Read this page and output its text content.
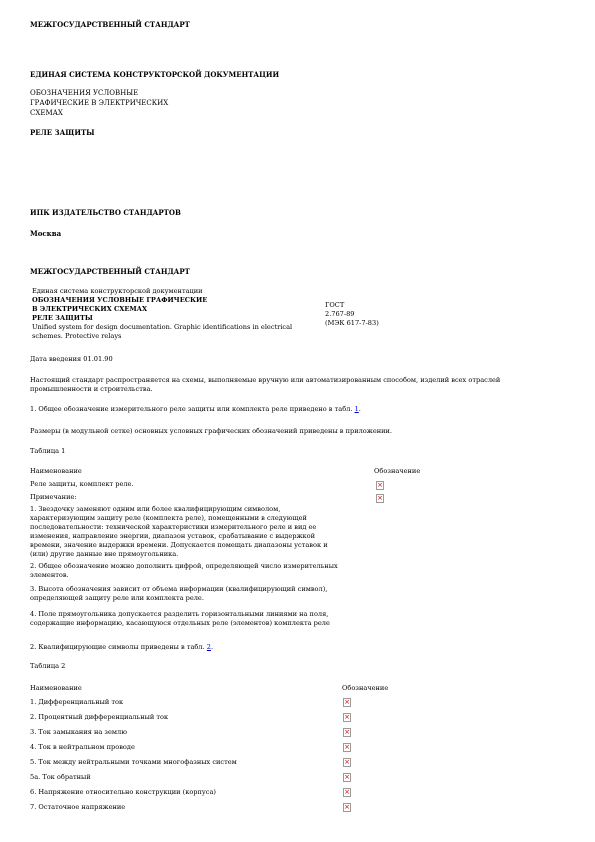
МЕЖГОСУДАРСТВЕННЫЙ СТАНДАРТ
ЕДИНАЯ СИСТЕМА КОНСТРУКТОРСКОЙ ДОКУМЕНТАЦИИ
ОБОЗНАЧЕНИЯ УСЛОВНЫЕ
ГРАФИЧЕСКИЕ В ЭЛЕКТРИЧЕСКИХ
СХЕМАХ
РЕЛЕ ЗАЩИТЫ
ИПК ИЗДАТЕЛЬСТВО СТАНДАРТОВ
Москва
МЕЖГОСУДАРСТВЕННЫЙ СТАНДАРТ
Единая система конструкторской документации
ОБОЗНАЧЕНИЯ УСЛОВНЫЕ ГРАФИЧЕСКИЕ
В ЭЛЕКТРИЧЕСКИХ СХЕМАХ
РЕЛЕ ЗАЩИТЫ
Unified system for design documentation. Graphic identifications in electrical
schemes. Protective relays
ГОСТ
2.767-89
(МЭК 617-7-83)
Дата введения 01.01.90
Настоящий стандарт распространяется на схемы, выполняемые вручную или автоматизированным способом, изделий всех отраслей
промышленности и строительства.
1. Общее обозначение измерительного реле защиты или комплекта реле приведено в табл. 1.
Размеры (в модульной сетке) основных условных графических обозначений приведены в приложении.
Таблица 1
Наименование	Обозначение
Реле защиты, комплект реле.	×
Примечание:	×
1. Звездочку заменяют одним или более квалифицирующим символом,
характеризующим защиту реле (комплекта реле), помещенными в следующей
последовательности: технической характеристики измерительного реле и вид ее
изменения, направление энергии, диапазон уставок, срабатывание с выдержкой
времени, значение выдержки времени. Допускается помещать диапазоны уставок и
(или) другие данные вне прямоугольника.
2. Общее обозначение можно дополнить цифрой, определяющей число измерительных
элементов.
3. Высота обозначения зависит от объема информации (квалифицирующий символ),
определяющей защиту реле или комплекта реле.
4. Поле прямоугольника допускается разделить горизонтальными линиями на поля,
содержащие информацию, касающуюся отдельных реле (элементов) комплекта реле
2. Квалифицирующие символы приведены в табл. 2.
Таблица 2
Наименование	Обозначение
1. Дифференциальный ток	×
2. Процентный дифференциальный ток	×
3. Ток замыкания на землю	×
4. Ток в нейтральном проводе	×
5. Ток между нейтральными точками многофазных систем	×
5а. Ток обратный	×
6. Напряжение относительно конструкции (корпуса)	×
7. Остаточное напряжение	×
